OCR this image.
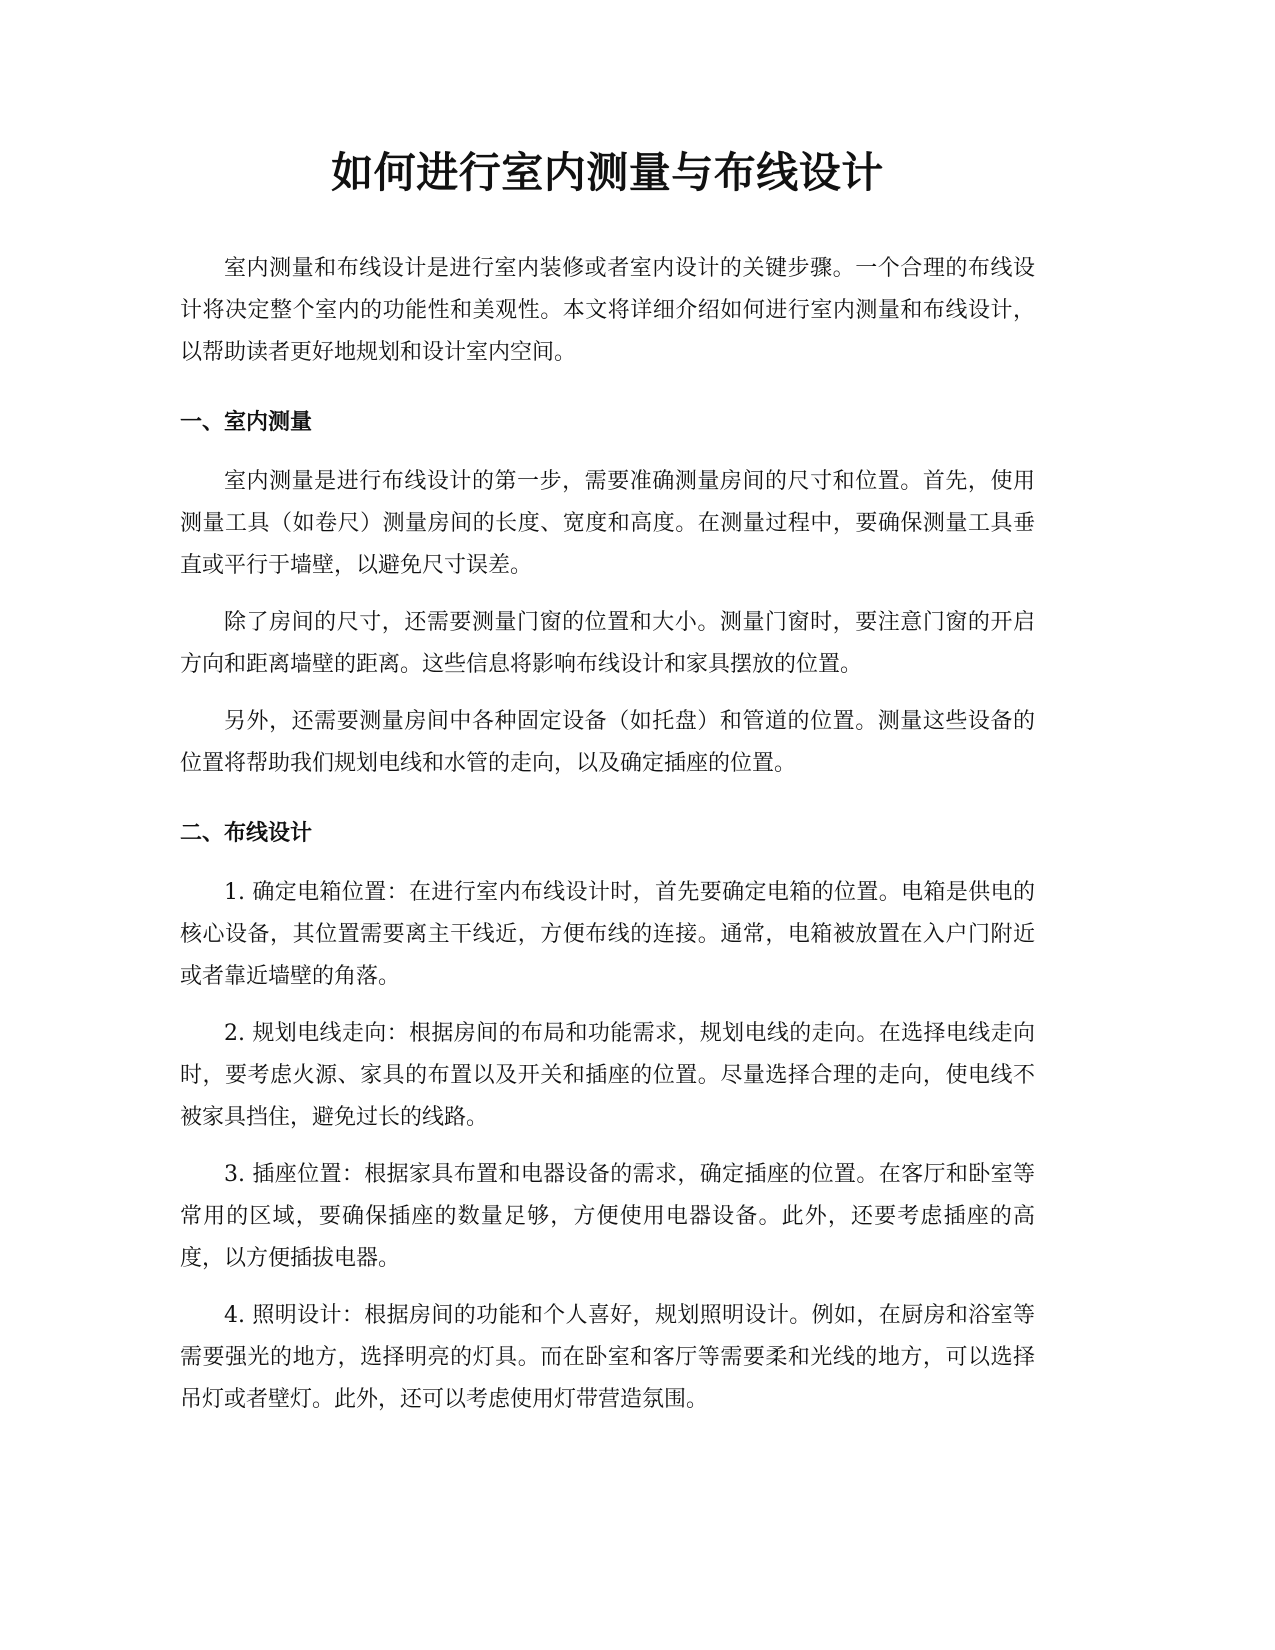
如何进行室内测量与布线设计

室内测量和布线设计是进行室内装修或者室内设计的关键步骤。一个合理的布线设计将决定整个室内的功能性和美观性。本文将详细介绍如何进行室内测量和布线设计，以帮助读者更好地规划和设计室内空间。

一、室内测量

室内测量是进行布线设计的第一步，需要准确测量房间的尺寸和位置。首先，使用测量工具（如卷尺）测量房间的长度、宽度和高度。在测量过程中，要确保测量工具垂直或平行于墙壁，以避免尺寸误差。

除了房间的尺寸，还需要测量门窗的位置和大小。测量门窗时，要注意门窗的开启方向和距离墙壁的距离。这些信息将影响布线设计和家具摆放的位置。

另外，还需要测量房间中各种固定设备（如托盘）和管道的位置。测量这些设备的位置将帮助我们规划电线和水管的走向，以及确定插座的位置。

二、布线设计

1. 确定电箱位置：在进行室内布线设计时，首先要确定电箱的位置。电箱是供电的核心设备，其位置需要离主干线近，方便布线的连接。通常，电箱被放置在入户门附近或者靠近墙壁的角落。

2. 规划电线走向：根据房间的布局和功能需求，规划电线的走向。在选择电线走向时，要考虑火源、家具的布置以及开关和插座的位置。尽量选择合理的走向，使电线不被家具挡住，避免过长的线路。

3. 插座位置：根据家具布置和电器设备的需求，确定插座的位置。在客厅和卧室等常用的区域，要确保插座的数量足够，方便使用电器设备。此外，还要考虑插座的高度，以方便插拔电器。

4. 照明设计：根据房间的功能和个人喜好，规划照明设计。例如，在厨房和浴室等需要强光的地方，选择明亮的灯具。而在卧室和客厅等需要柔和光线的地方，可以选择吊灯或者壁灯。此外，还可以考虑使用灯带营造氛围。
